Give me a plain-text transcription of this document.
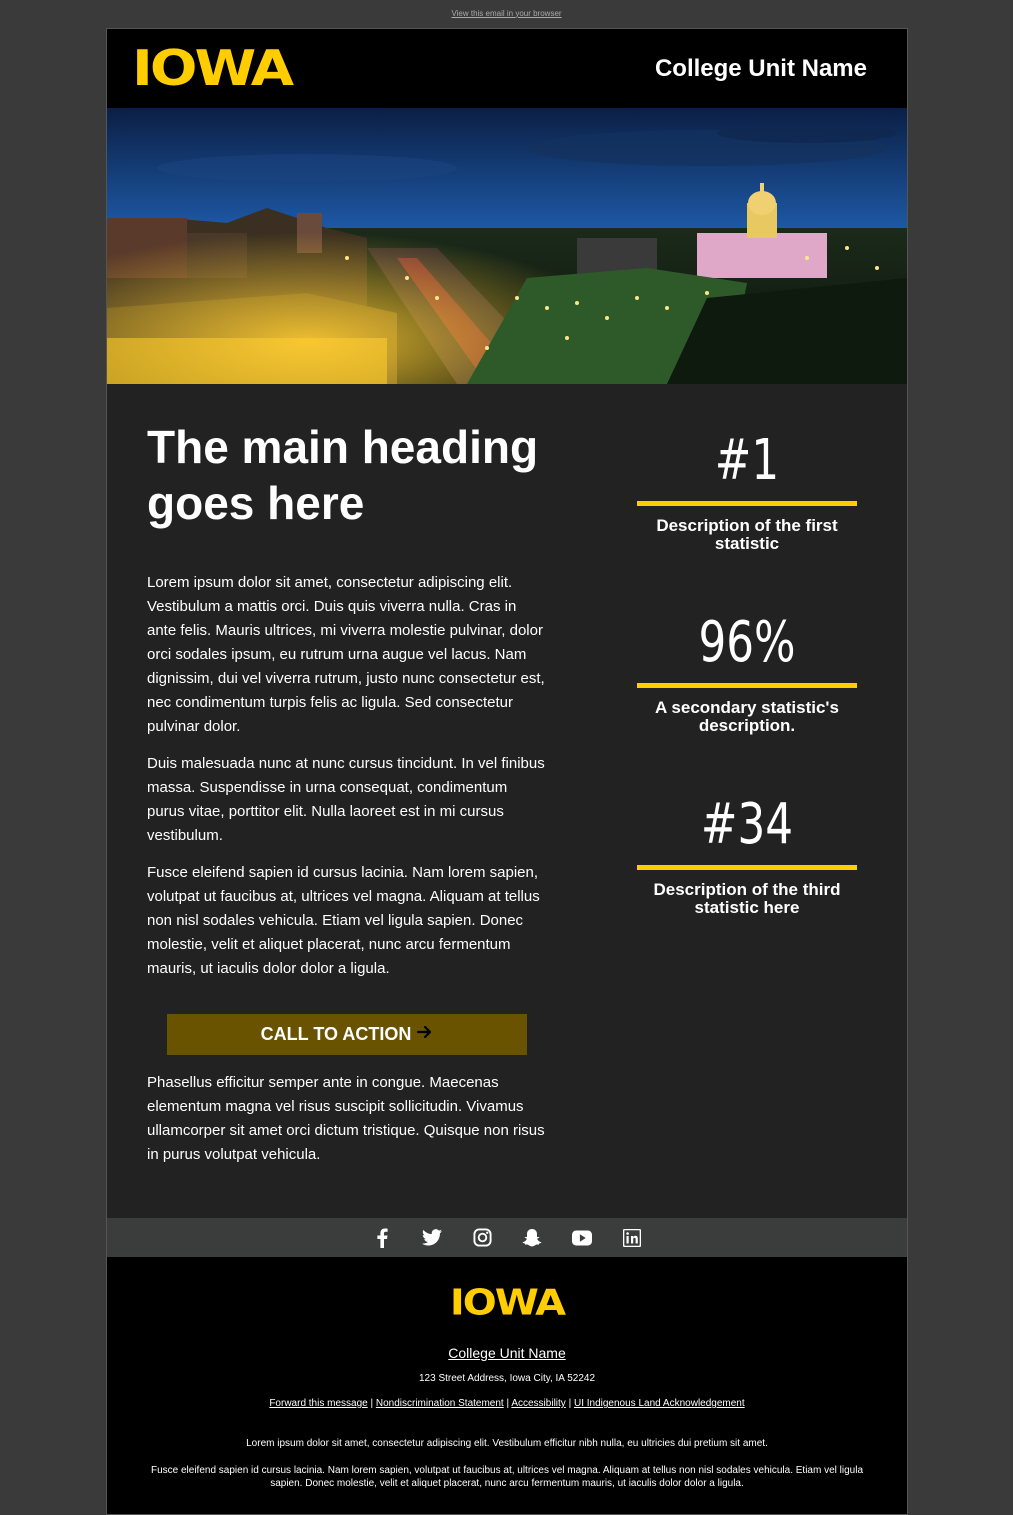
View this email in your browser
IOWA	College Unit Name
The main heading goes here

Lorem ipsum dolor sit amet, consectetur adipiscing elit. Vestibulum a mattis orci. Duis quis viverra nulla. Cras in ante felis. Mauris ultrices, mi viverra molestie pulvinar, dolor orci sodales ipsum, eu rutrum urna augue vel lacus. Nam dignissim, dui vel viverra rutrum, justo nunc consectetur est, nec condimentum turpis felis ac ligula. Sed consectetur pulvinar dolor.

Duis malesuada nunc at nunc cursus tincidunt. In vel finibus massa. Suspendisse in urna consequat, condimentum purus vitae, porttitor elit. Nulla laoreet est in mi cursus vestibulum.

Fusce eleifend sapien id cursus lacinia. Nam lorem sapien, volutpat ut faucibus at, ultrices vel magna. Aliquam at tellus non nisl sodales vehicula. Etiam vel ligula sapien. Donec molestie, velit et aliquet placerat, nunc arcu fermentum mauris, ut iaculis dolor dolor a ligula.

CALL TO ACTION

Phasellus efficitur semper ante in congue. Maecenas elementum magna vel risus suscipit sollicitudin. Vivamus ullamcorper sit amet orci dictum tristique. Quisque non risus in purus volutpat vehicula.

#1
Description of the first statistic
96%
A secondary statistic's description.
#34
Description of the third statistic here
IOWA
College Unit Name
123 Street Address, Iowa City, IA 52242
Forward this message | Nondiscrimination Statement | Accessibility | UI Indigenous Land Acknowledgement
Lorem ipsum dolor sit amet, consectetur adipiscing elit. Vestibulum efficitur nibh nulla, eu ultricies dui pretium sit amet.
Fusce eleifend sapien id cursus lacinia. Nam lorem sapien, volutpat ut faucibus at, ultrices vel magna. Aliquam at tellus non nisl sodales vehicula. Etiam vel ligula sapien. Donec molestie, velit et aliquet placerat, nunc arcu fermentum mauris, ut iaculis dolor dolor a ligula.
